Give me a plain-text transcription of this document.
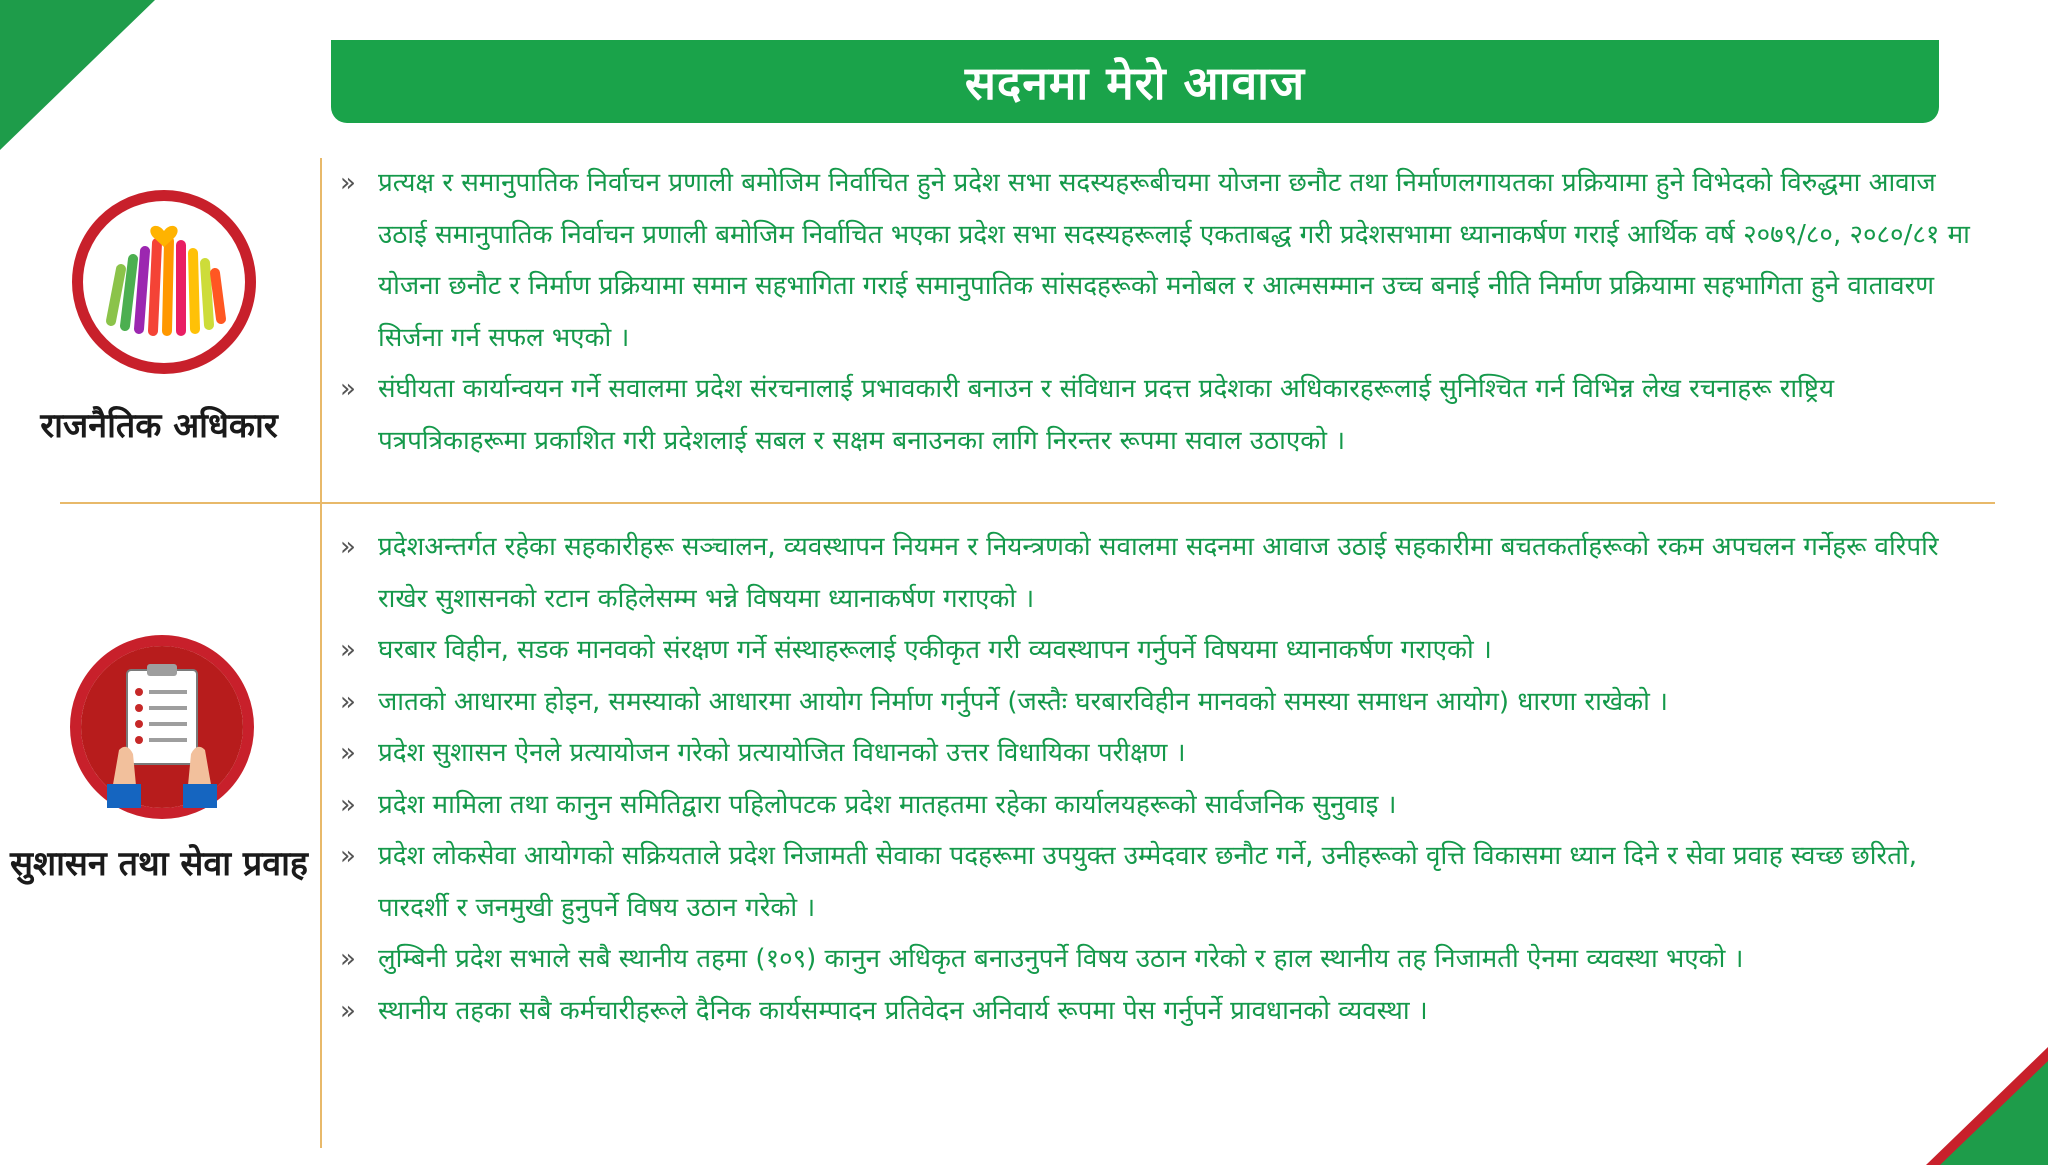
सदनमा मेरो आवाज
राजनैतिक अधिकार
» प्रत्यक्ष र समानुपातिक निर्वाचन प्रणाली बमोजिम निर्वाचित हुने प्रदेश सभा सदस्यहरूबीचमा योजना छनौट तथा निर्माणलगायतका प्रक्रियामा हुने विभेदको विरुद्धमा आवाज उठाई समानुपातिक निर्वाचन प्रणाली बमोजिम निर्वाचित भएका प्रदेश सभा सदस्यहरूलाई एकताबद्ध गरी प्रदेशसभामा ध्यानाकर्षण गराई आर्थिक वर्ष २०७९/८०, २०८०/८१ मा योजना छनौट र निर्माण प्रक्रियामा समान सहभागिता गराई समानुपातिक सांसदहरूको मनोबल र आत्मसम्मान उच्च बनाई नीति निर्माण प्रक्रियामा सहभागिता हुने वातावरण सिर्जना गर्न सफल भएको ।
» संघीयता कार्यान्वयन गर्ने सवालमा प्रदेश संरचनालाई प्रभावकारी बनाउन र संविधान प्रदत्त प्रदेशका अधिकारहरूलाई सुनिश्चित गर्न विभिन्न लेख रचनाहरू राष्ट्रिय पत्रपत्रिकाहरूमा प्रकाशित गरी प्रदेशलाई सबल र सक्षम बनाउनका लागि निरन्तर रूपमा सवाल उठाएको ।
सुशासन तथा सेवा प्रवाह
» प्रदेशअन्तर्गत रहेका सहकारीहरू सञ्चालन, व्यवस्थापन नियमन र नियन्त्रणको सवालमा सदनमा आवाज उठाई सहकारीमा बचतकर्ताहरूको रकम अपचलन गर्नेहरू वरिपरि राखेर सुशासनको रटान कहिलेसम्म भन्ने विषयमा ध्यानाकर्षण गराएको ।
» घरबार विहीन, सडक मानवको संरक्षण गर्ने संस्थाहरूलाई एकीकृत गरी व्यवस्थापन गर्नुपर्ने विषयमा ध्यानाकर्षण गराएको ।
» जातको आधारमा होइन, समस्याको आधारमा आयोग निर्माण गर्नुपर्ने (जस्तैः घरबारविहीन मानवको समस्या समाधन आयोग) धारणा राखेको ।
» प्रदेश सुशासन ऐनले प्रत्यायोजन गरेको प्रत्यायोजित विधानको उत्तर विधायिका परीक्षण ।
» प्रदेश मामिला तथा कानुन समितिद्वारा पहिलोपटक प्रदेश मातहतमा रहेका कार्यालयहरूको सार्वजनिक सुनुवाइ ।
» प्रदेश लोकसेवा आयोगको सक्रियताले प्रदेश निजामती सेवाका पदहरूमा उपयुक्त उम्मेदवार छनौट गर्ने, उनीहरूको वृत्ति विकासमा ध्यान दिने र सेवा प्रवाह स्वच्छ छरितो, पारदर्शी र जनमुखी हुनुपर्ने विषय उठान गरेको ।
» लुम्बिनी प्रदेश सभाले सबै स्थानीय तहमा (१०९) कानुन अधिकृत बनाउनुपर्ने विषय उठान गरेको र हाल स्थानीय तह निजामती ऐनमा व्यवस्था भएको ।
» स्थानीय तहका सबै कर्मचारीहरूले दैनिक कार्यसम्पादन प्रतिवेदन अनिवार्य रूपमा पेस गर्नुपर्ने प्रावधानको व्यवस्था ।
